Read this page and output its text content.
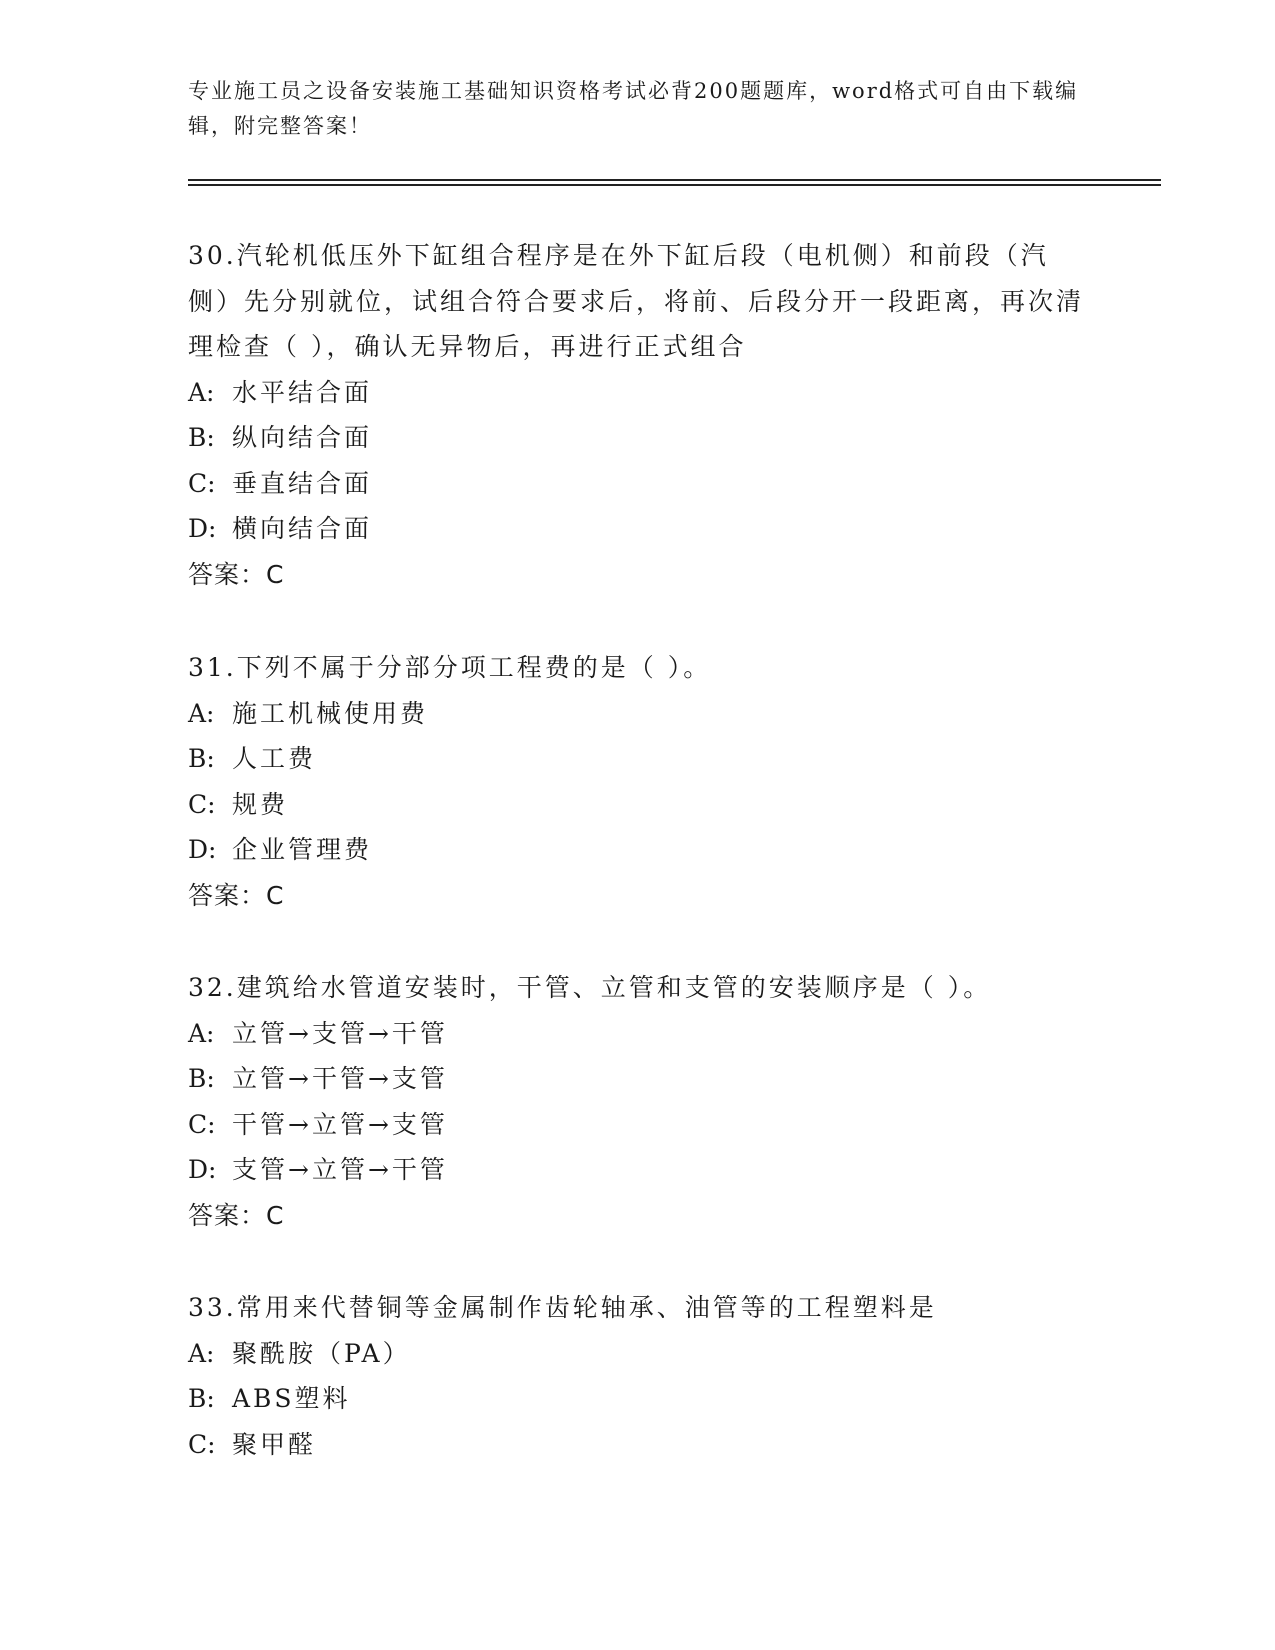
专业施工员之设备安装施工基础知识资格考试必背200题题库，word格式可自由下载编辑，附完整答案！

30.汽轮机低压外下缸组合程序是在外下缸后段（电机侧）和前段（汽侧）先分别就位，试组合符合要求后，将前、后段分开一段距离，再次清理检查（ ），确认无异物后，再进行正式组合

A: 水平结合面
B: 纵向结合面
C: 垂直结合面
D: 横向结合面

答案：C

31.下列不属于分部分项工程费的是（ ）。

A: 施工机械使用费
B: 人工费
C: 规费
D: 企业管理费

答案：C

32.建筑给水管道安装时，干管、立管和支管的安装顺序是（ ）。

A: 立管→支管→干管
B: 立管→干管→支管
C: 干管→立管→支管
D: 支管→立管→干管

答案：C

33.常用来代替铜等金属制作齿轮轴承、油管等的工程塑料是

A: 聚酰胺（PA）
B: ABS塑料
C: 聚甲醛
